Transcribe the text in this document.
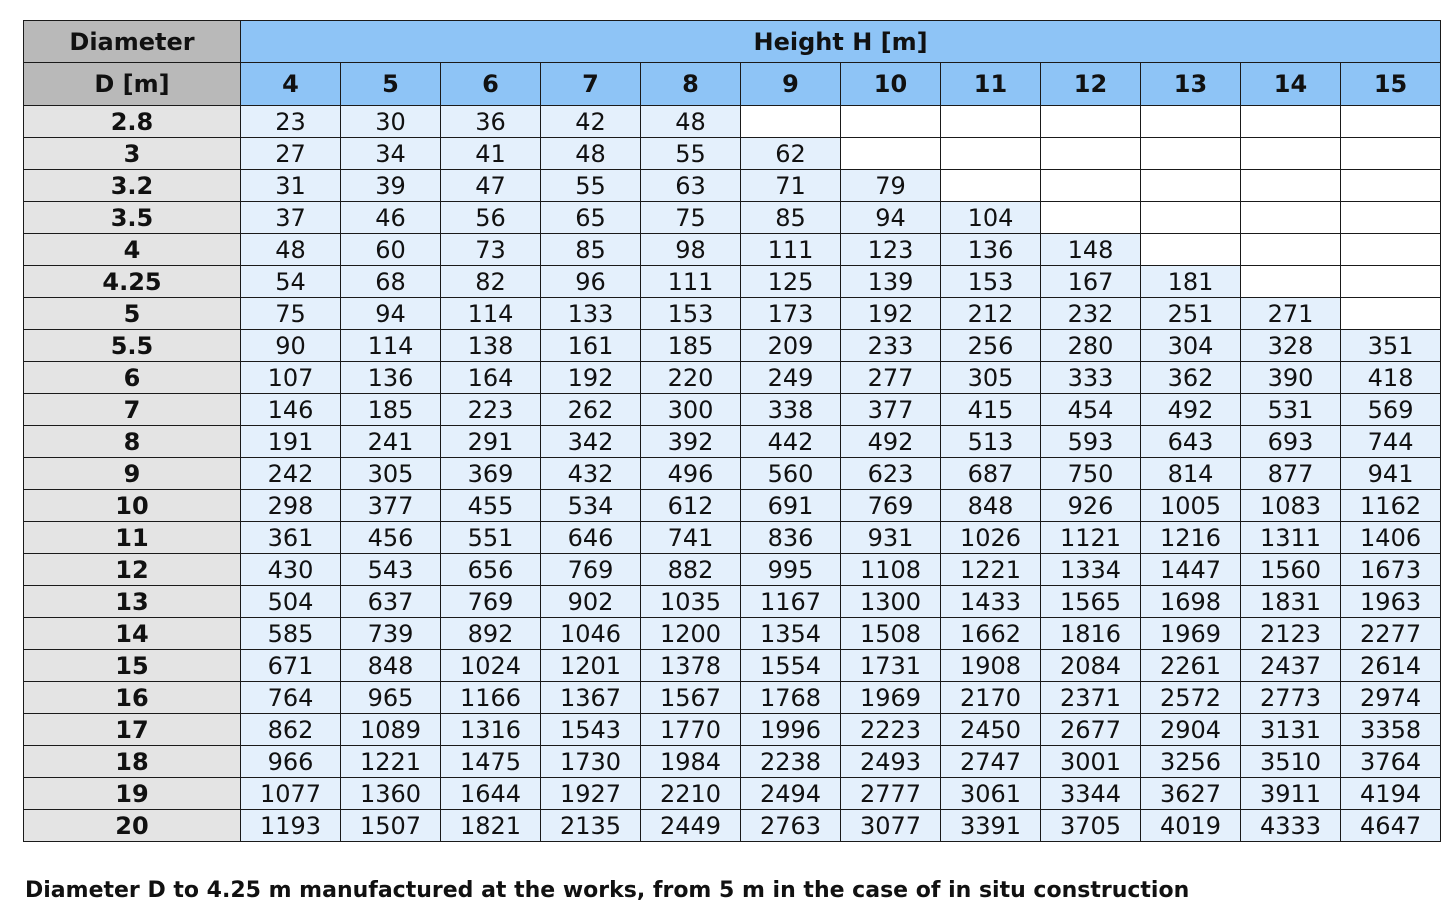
Diameter	Height H [m]											
D [m]	4	5	6	7	8	9	10	11	12	13	14	15
2.8	23	30	36	42	48							
3	27	34	41	48	55	62						
3.2	31	39	47	55	63	71	79					
3.5	37	46	56	65	75	85	94	104				
4	48	60	73	85	98	111	123	136	148			
4.25	54	68	82	96	111	125	139	153	167	181		
5	75	94	114	133	153	173	192	212	232	251	271	
5.5	90	114	138	161	185	209	233	256	280	304	328	351
6	107	136	164	192	220	249	277	305	333	362	390	418
7	146	185	223	262	300	338	377	415	454	492	531	569
8	191	241	291	342	392	442	492	513	593	643	693	744
9	242	305	369	432	496	560	623	687	750	814	877	941
10	298	377	455	534	612	691	769	848	926	1005	1083	1162
11	361	456	551	646	741	836	931	1026	1121	1216	1311	1406
12	430	543	656	769	882	995	1108	1221	1334	1447	1560	1673
13	504	637	769	902	1035	1167	1300	1433	1565	1698	1831	1963
14	585	739	892	1046	1200	1354	1508	1662	1816	1969	2123	2277
15	671	848	1024	1201	1378	1554	1731	1908	2084	2261	2437	2614
16	764	965	1166	1367	1567	1768	1969	2170	2371	2572	2773	2974
17	862	1089	1316	1543	1770	1996	2223	2450	2677	2904	3131	3358
18	966	1221	1475	1730	1984	2238	2493	2747	3001	3256	3510	3764
19	1077	1360	1644	1927	2210	2494	2777	3061	3344	3627	3911	4194
20	1193	1507	1821	2135	2449	2763	3077	3391	3705	4019	4333	4647
Diameter D to 4.25 m manufactured at the works, from 5 m in the case of in situ construction
